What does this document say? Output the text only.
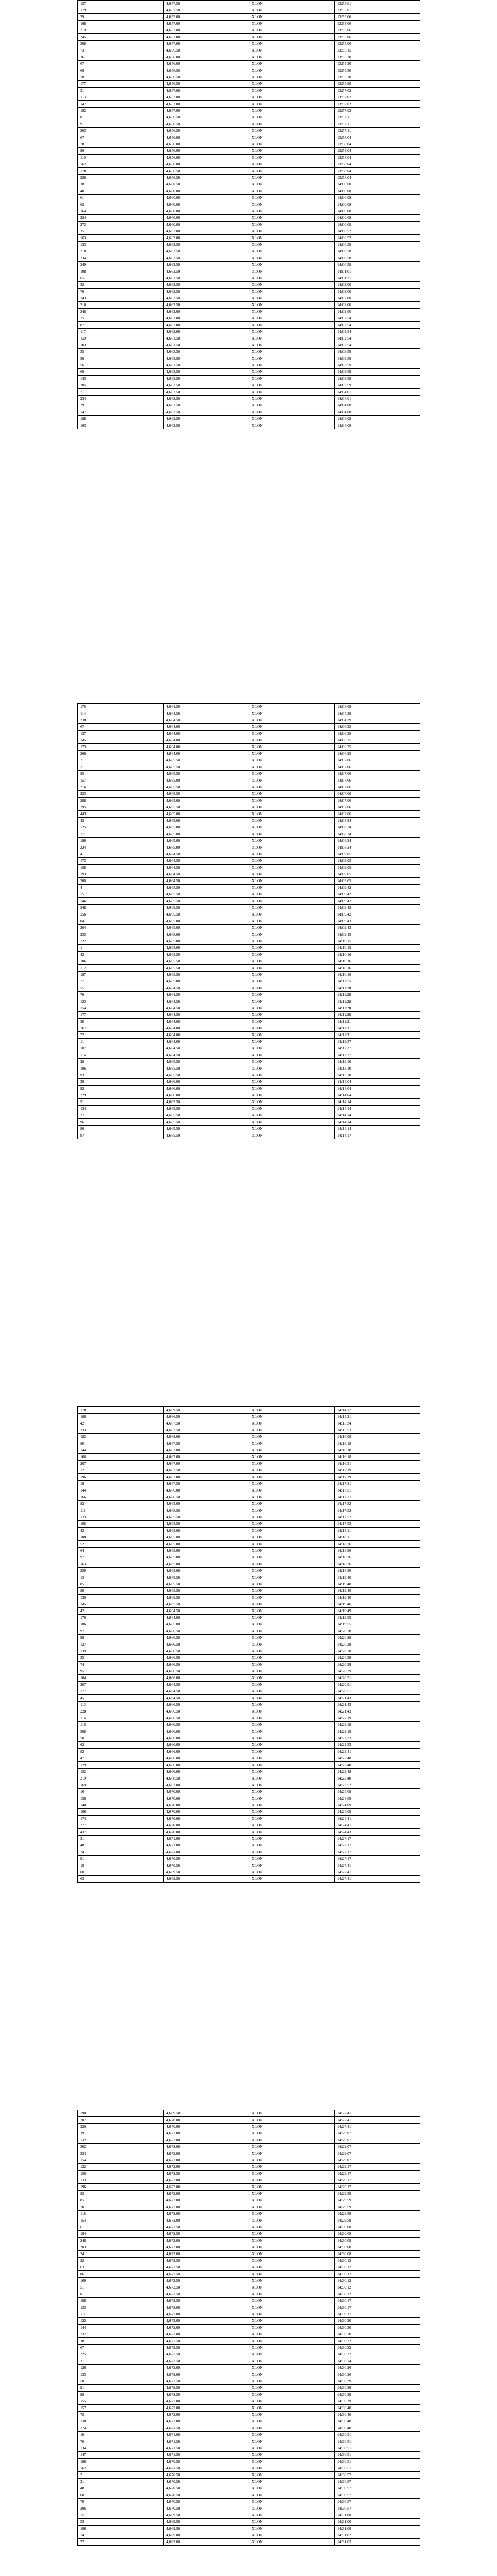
157	4,657.50	XLON	13:55:01
179	4,657.50	XLON	13:55:01
29	4,657.00	XLON	13:55:06
168	4,657.00	XLON	13:55:06
219	4,657.00	XLON	13:55:06
245	4,657.00	XLON	13:55:06
308	4,657.00	XLON	13:55:06
73	4,656.50	XLON	13:55:15
36	4,656.00	XLON	13:55:30
67	4,656.00	XLON	13:55:30
69	4,656.50	XLON	13:55:30
70	4,656.50	XLON	13:55:30
177	4,656.50	XLON	13:55:30
31	4,657.00	XLON	13:57:02
113	4,657.00	XLON	13:57:02
147	4,657.00	XLON	13:57:02
192	4,657.00	XLON	13:57:02
81	4,656.50	XLON	13:57:11
91	4,656.50	XLON	13:57:11
203	4,656.50	XLON	13:57:11
67	4,656.00	XLON	13:58:04
78	4,656.00	XLON	13:58:04
96	4,656.00	XLON	13:58:04
110	4,656.00	XLON	13:58:04
162	4,656.00	XLON	13:58:04
178	4,656.50	XLON	13:58:04
226	4,656.50	XLON	13:58:04
38	4,660.50	XLON	14:00:00
40	4,660.00	XLON	14:00:08
61	4,660.00	XLON	14:00:08
62	4,660.00	XLON	14:00:08
164	4,660.00	XLON	14:00:08
224	4,660.00	XLON	14:00:08
272	4,660.00	XLON	14:00:08
35	4,662.00	XLON	14:00:52
163	4,662.00	XLON	14:00:52
133	4,662.50	XLON	14:00:58
210	4,662.50	XLON	14:00:58
234	4,662.50	XLON	14:00:58
249	4,662.50	XLON	14:00:58
108	4,662.50	XLON	14:01:01
65	4,662.50	XLON	14:01:31
32	4,662.50	XLON	14:02:00
70	4,662.50	XLON	14:02:00
143	4,662.50	XLON	14:02:00
210	4,662.50	XLON	14:02:00
248	4,662.00	XLON	14:02:00
75	4,662.00	XLON	14:02:54
87	4,662.00	XLON	14:02:54
117	4,662.00	XLON	14:02:54
159	4,661.50	XLON	14:02:54
183	4,661.50	XLON	14:02:54
35	4,663.50	XLON	14:03:59
36	4,663.50	XLON	14:03:59
56	4,663.50	XLON	14:03:59
68	4,663.50	XLON	14:03:59
143	4,663.50	XLON	14:03:59
205	4,663.50	XLON	14:03:59
71	4,662.50	XLON	14:04:01
234	4,662.50	XLON	14:04:01
29	4,662.50	XLON	14:04:08
147	4,662.50	XLON	14:04:08
188	4,662.50	XLON	14:04:08
163	4,662.50	XLON	14:04:08
175	4,664.50	XLON	14:04:09
114	4,664.50	XLON	14:04:39
238	4,664.50	XLON	14:04:39
67	4,664.00	XLON	14:06:25
137	4,664.00	XLON	14:06:25
145	4,664.00	XLON	14:06:25
173	4,664.00	XLON	14:06:25
266	4,664.00	XLON	14:06:25
7	4,665.50	XLON	14:07:06
71	4,665.50	XLON	14:07:06
85	4,665.50	XLON	14:07:06
157	4,665.00	XLON	14:07:06
216	4,665.50	XLON	14:07:06
253	4,665.50	XLON	14:07:06
288	4,665.00	XLON	14:07:06
295	4,665.50	XLON	14:07:06
443	4,665.00	XLON	14:07:06
42	4,665.00	XLON	14:08:24
125	4,665.00	XLON	14:08:24
171	4,665.00	XLON	14:08:24
186	4,665.00	XLON	14:08:24
224	4,665.00	XLON	14:08:24
41	4,664.50	XLON	14:09:05
173	4,664.50	XLON	14:09:05
158	4,664.50	XLON	14:09:05
193	4,664.50	XLON	14:09:05
208	4,664.50	XLON	14:09:05
4	4,665.50	XLON	14:09:42
75	4,665.50	XLON	14:09:42
146	4,665.50	XLON	14:09:42
248	4,665.50	XLON	14:09:42
256	4,665.50	XLON	14:09:42
84	4,665.00	XLON	14:09:43
204	4,665.00	XLON	14:09:43
233	4,665.00	XLON	14:09:43
122	4,665.00	XLON	14:10:15
1	4,665.00	XLON	14:10:15
42	4,665.50	XLON	14:10:16
106	4,665.50	XLON	14:10:16
112	4,665.50	XLON	14:10:16
187	4,665.50	XLON	14:10:16
77	4,665.00	XLON	14:11:15
55	4,664.50	XLON	14:11:28
70	4,664.50	XLON	14:11:28
123	4,664.50	XLON	14:11:28
154	4,664.50	XLON	14:11:28
177	4,664.50	XLON	14:11:28
30	4,664.00	XLON	14:11:31
167	4,664.00	XLON	14:11:31
72	4,664.00	XLON	14:11:31
11	4,664.00	XLON	14:12:37
107	4,664.50	XLON	14:12:37
114	4,664.50	XLON	14:12:37
28	4,665.50	XLON	14:13:10
106	4,665.50	XLON	14:13:10
93	4,665.50	XLON	14:13:20
39	4,666.00	XLON	14:14:04
92	4,666.00	XLON	14:14:04
229	4,666.00	XLON	14:14:04
91	4,665.50	XLON	14:14:14
134	4,665.50	XLON	14:14:14
37	4,665.50	XLON	14:14:14
96	4,665.50	XLON	14:14:14
96	4,665.50	XLON	14:14:14
97	4,665.50	XLON	14:14:17
178	4,669.50	XLON	14:14:17
108	4,666.50	XLON	14:15:21
42	4,667.50	XLON	14:15:34
233	4,667.50	XLON	14:15:53
182	4,668.00	XLON	14:16:08
80	4,667.50	XLON	14:16:18
144	4,667.00	XLON	14:16:18
168	4,667.00	XLON	14:16:18
207	4,667.00	XLON	14:16:31
12	4,667.50	XLON	14:17:19
196	4,667.00	XLON	14:17:19
19	4,667.50	XLON	14:17:31
144	4,666.00	XLON	14:17:31
166	4,666.50	XLON	14:17:31
82	4,665.00	XLON	14:17:52
111	4,665.50	XLON	14:17:52
123	4,665.50	XLON	14:17:52
165	4,665.50	XLON	14:17:52
42	4,665.00	XLON	14:18:11
108	4,665.00	XLON	14:18:11
52	4,665.00	XLON	14:18:36
64	4,665.00	XLON	14:18:36
97	4,665.00	XLON	14:18:36
163	4,665.00	XLON	14:18:36
259	4,665.00	XLON	14:18:36
13	4,665.50	XLON	14:19:40
85	4,665.50	XLON	14:19:40
88	4,665.50	XLON	14:19:40
130	4,665.50	XLON	14:19:40
145	4,665.50	XLON	14:19:46
42	4,664.50	XLON	14:19:49
179	4,664.00	XLON	14:19:55
186	4,665.00	XLON	14:19:55
97	4,666.50	XLON	14:20:28
99	4,666.50	XLON	14:20:28
127	4,666.50	XLON	14:20:28
139	4,666.50	XLON	14:20:28
35	4,666.50	XLON	14:20:39
74	4,666.50	XLON	14:20:39
95	4,666.50	XLON	14:20:39
164	4,666.00	XLON	14:20:51
207	4,664.50	XLON	14:20:51
177	4,664.50	XLON	14:20:51
45	4,664.50	XLON	14:21:43
113	4,666.50	XLON	14:21:43
228	4,666.50	XLON	14:21:43
114	4,666.50	XLON	14:22:19
116	4,666.50	XLON	14:22:19
308	4,666.00	XLON	14:22:19
50	4,666.00	XLON	14:22:33
62	4,666.00	XLON	14:22:33
82	4,666.00	XLON	14:22:41
47	4,666.00	XLON	14:22:48
129	4,666.00	XLON	14:22:48
152	4,666.00	XLON	14:22:48
219	4,668.50	XLON	14:22:48
169	4,667.00	XLON	14:23:52
16	4,670.00	XLON	14:24:09
136	4,670.00	XLON	14:24:09
148	4,670.00	XLON	14:24:09
166	4,670.00	XLON	14:24:09
174	4,670.00	XLON	14:24:41
277	4,670.00	XLON	14:24:41
437	4,670.00	XLON	14:24:43
31	4,671.00	XLON	14:27:17
40	4,671.00	XLON	14:27:17
241	4,671.00	XLON	14:27:17
91	4,670.50	XLON	14:27:17
19	4,670.50	XLON	14:27:41
60	4,669.50	XLON	14:27:41
63	4,669.50	XLON	14:27:41
190	4,669.50	XLON	14:27:41
207	4,670.00	XLON	14:27:41
220	4,670.00	XLON	14:27:41
39	4,672.00	XLON	14:29:07
132	4,672.00	XLON	14:29:07
302	4,672.00	XLON	14:29:07
234	4,672.00	XLON	14:29:07
154	4,672.00	XLON	14:29:07
122	4,672.00	XLON	14:29:17
150	4,672.50	XLON	14:29:17
133	4,672.00	XLON	14:29:17
196	4,672.00	XLON	14:29:17
82	4,672.00	XLON	14:29:59
85	4,672.00	XLON	14:29:59
70	4,672.00	XLON	14:29:59
118	4,672.00	XLON	14:29:59
154	4,672.00	XLON	14:29:59
61	4,672.50	XLON	14:30:08
184	4,672.50	XLON	14:30:08
248	4,672.00	XLON	14:30:08
203	4,672.00	XLON	14:30:08
241	4,672.00	XLON	14:30:08
22	4,672.50	XLON	14:30:12
63	4,672.50	XLON	14:30:12
86	4,672.50	XLON	14:30:12
169	4,672.50	XLON	14:30:12
51	4,672.50	XLON	14:30:12
81	4,672.50	XLON	14:30:12
108	4,672.50	XLON	14:30:17
123	4,672.00	XLON	14:30:17
111	4,672.00	XLON	14:30:17
125	4,672.00	XLON	14:30:20
144	4,672.00	XLON	14:30:20
237	4,672.00	XLON	14:30:20
38	4,672.50	XLON	14:30:22
67	4,672.50	XLON	14:30:22
225	4,672.50	XLON	14:30:22
31	4,672.50	XLON	14:30:24
126	4,672.00	XLON	14:30:26
133	4,672.00	XLON	14:30:26
50	4,672.50	XLON	14:30:39
91	4,672.50	XLON	14:30:39
98	4,672.50	XLON	14:30:39
155	4,672.00	XLON	14:30:39
157	4,672.00	XLON	14:30:40
75	4,672.00	XLON	14:30:40
130	4,672.00	XLON	14:30:40
174	4,671.50	XLON	14:30:40
10	4,671.00	XLON	14:30:51
76	4,671.50	XLON	14:30:51
134	4,671.50	XLON	14:30:51
147	4,671.50	XLON	14:30:51
196	4,670.50	XLON	14:30:51
162	4,671.50	XLON	14:30:51
7	4,670.50	XLON	14:30:57
31	4,670.50	XLON	14:30:57
48	4,670.50	XLON	14:30:57
60	4,670.50	XLON	14:30:57
79	4,670.50	XLON	14:30:57
206	4,670.50	XLON	14:30:57
15	4,669.50	XLON	14:31:00
53	4,669.50	XLON	14:31:00
186	4,669.50	XLON	14:31:00
74	4,669.00	XLON	14:31:02
27	4,669.00	XLON	14:31:03
